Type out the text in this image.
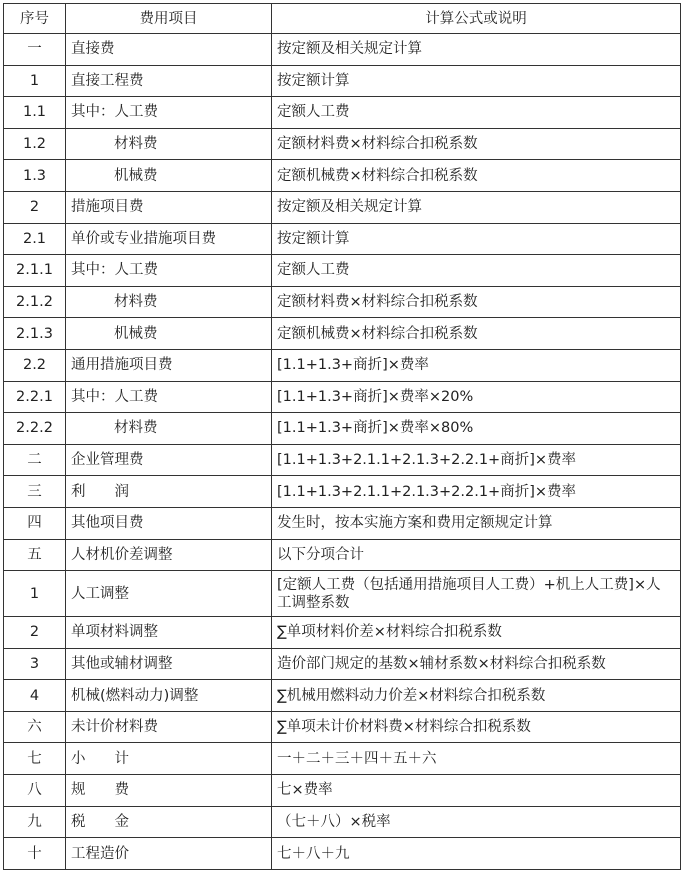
序号	费用项目	计算公式或说明
一	直接费	按定额及相关规定计算
1	直接工程费	按定额计算
1.1	其中：人工费	定额人工费
1.2	材料费	定额材料费×材料综合扣税系数
1.3	机械费	定额机械费×材料综合扣税系数
2	措施项目费	按定额及相关规定计算
2.1	单价或专业措施项目费	按定额计算
2.1.1	其中：人工费	定额人工费
2.1.2	材料费	定额材料费×材料综合扣税系数
2.1.3	机械费	定额机械费×材料综合扣税系数
2.2	通用措施项目费	[1.1+1.3+商折]×费率
2.2.1	其中：人工费	[1.1+1.3+商折]×费率×20%
2.2.2	材料费	[1.1+1.3+商折]×费率×80%
二	企业管理费	[1.1+1.3+2.1.1+2.1.3+2.2.1+商折]×费率
三	利　　润	[1.1+1.3+2.1.1+2.1.3+2.2.1+商折]×费率
四	其他项目费	发生时，按本实施方案和费用定额规定计算
五	人材机价差调整	以下分项合计
1	人工调整	[定额人工费（包括通用措施项目人工费）+机上人工费]×人工调整系数
2	单项材料调整	∑单项材料价差×材料综合扣税系数
3	其他或辅材调整	造价部门规定的基数×辅材系数×材料综合扣税系数
4	机械(燃料动力)调整	∑机械用燃料动力价差×材料综合扣税系数
六	未计价材料费	∑单项未计价材料费×材料综合扣税系数
七	小　　计	一＋二＋三＋四＋五＋六
八	规　　费	七×费率
九	税　　金	（七＋八）×税率
十	工程造价	七＋八＋九
